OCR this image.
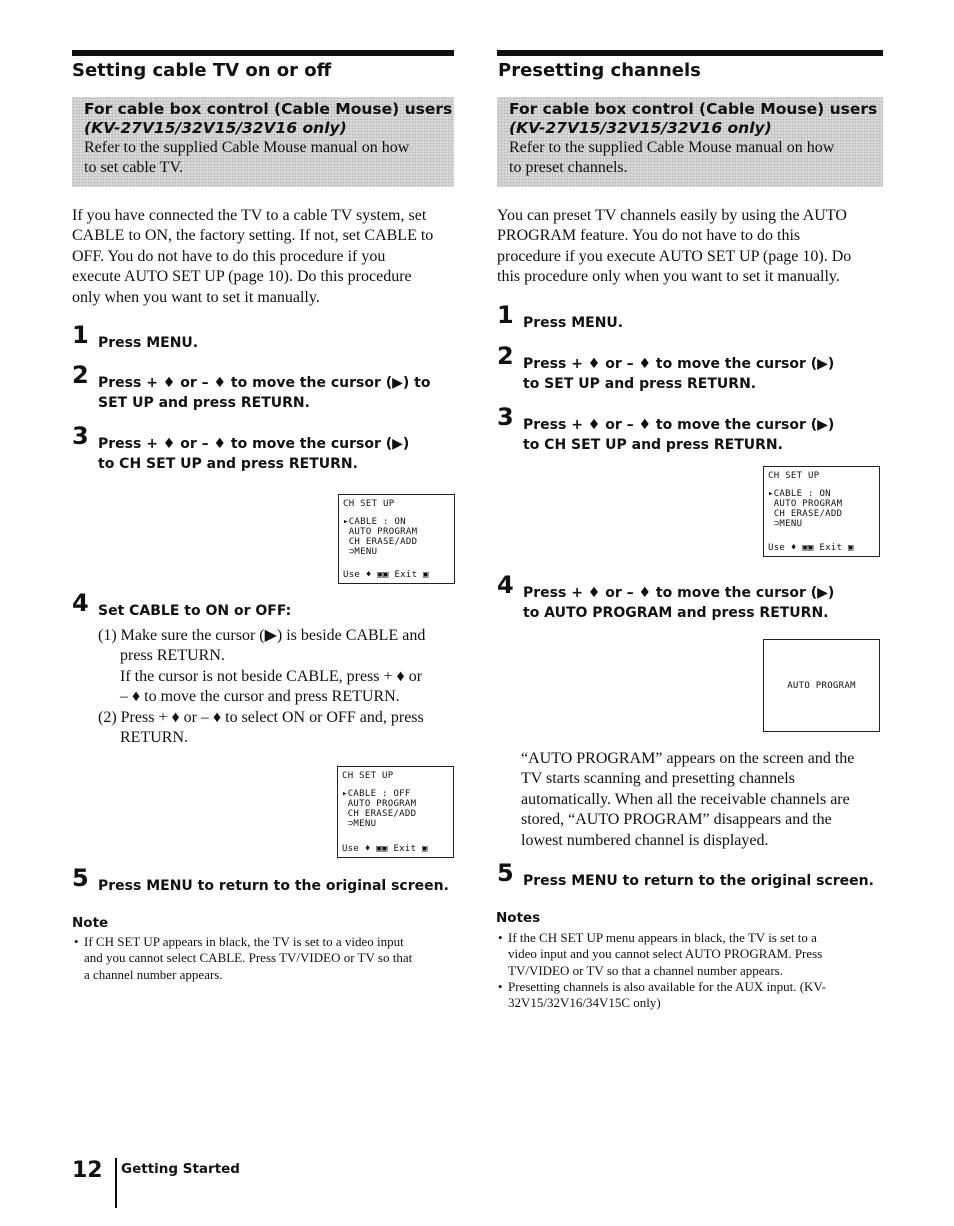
Setting cable TV on or off
For cable box control (Cable Mouse) users
(KV-27V15/32V15/32V16 only)
Refer to the supplied Cable Mouse manual on how
to set cable TV.
If you have connected the TV to a cable TV system, set
CABLE to ON, the factory setting. If not, set CABLE to
OFF. You do not have to do this procedure if you
execute AUTO SET UP (page 10). Do this procedure
only when you want to set it manually.
1 Press MENU.
2 Press + ♦ or – ♦ to move the cursor (▶) to
SET UP and press RETURN.
3 Press + ♦ or – ♦ to move the cursor (▶)
to CH SET UP and press RETURN.
CH SET UP
▸CABLE : ON
AUTO PROGRAM
CH ERASE/ADD
⊃MENU
Use ♦ ▣▣ Exit ▣
4 Set CABLE to ON or OFF:
(1) Make sure the cursor (▶) is beside CABLE and
press RETURN.
If the cursor is not beside CABLE, press + ♦ or
– ♦ to move the cursor and press RETURN.
(2) Press + ♦ or – ♦ to select ON or OFF and, press
RETURN.
CH SET UP
▸CABLE : OFF
AUTO PROGRAM
CH ERASE/ADD
⊃MENU
Use ♦ ▣▣ Exit ▣
5 Press MENU to return to the original screen.
Note
• If CH SET UP appears in black, the TV is set to a video input
and you cannot select CABLE. Press TV/VIDEO or TV so that
a channel number appears.
Presetting channels
For cable box control (Cable Mouse) users
(KV-27V15/32V15/32V16 only)
Refer to the supplied Cable Mouse manual on how
to preset channels.
You can preset TV channels easily by using the AUTO
PROGRAM feature. You do not have to do this
procedure if you execute AUTO SET UP (page 10). Do
this procedure only when you want to set it manually.
1 Press MENU.
2 Press + ♦ or – ♦ to move the cursor (▶)
to SET UP and press RETURN.
3 Press + ♦ or – ♦ to move the cursor (▶)
to CH SET UP and press RETURN.
CH SET UP
▸CABLE : ON
AUTO PROGRAM
CH ERASE/ADD
⊃MENU
Use ♦ ▣▣ Exit ▣
4 Press + ♦ or – ♦ to move the cursor (▶)
to AUTO PROGRAM and press RETURN.
AUTO PROGRAM
“AUTO PROGRAM” appears on the screen and the
TV starts scanning and presetting channels
automatically. When all the receivable channels are
stored, “AUTO PROGRAM” disappears and the
lowest numbered channel is displayed.
5 Press MENU to return to the original screen.
Notes
• If the CH SET UP menu appears in black, the TV is set to a
video input and you cannot select AUTO PROGRAM. Press
TV/VIDEO or TV so that a channel number appears.
• Presetting channels is also available for the AUX input. (KV-
32V15/32V16/34V15C only)
12 Getting Started
